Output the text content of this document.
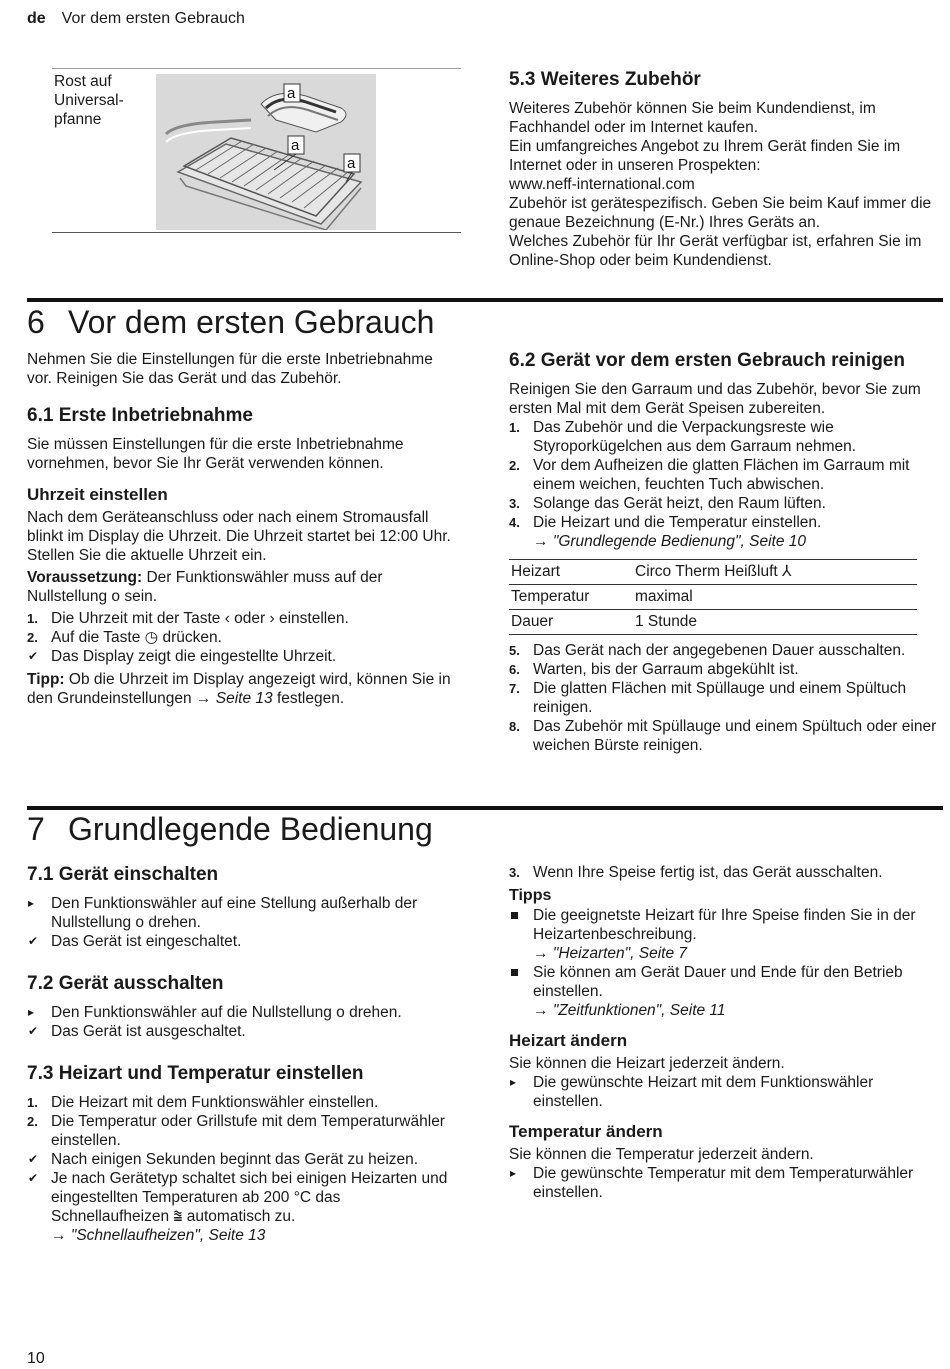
de Vor dem ersten Gebrauch
Rost auf Universal-pfanne
a
a
a
5.3 Weiteres Zubehör

Weiteres Zubehör können Sie beim Kundendienst, im Fachhandel oder im Internet kaufen.

Ein umfangreiches Angebot zu Ihrem Gerät finden Sie im Internet oder in unseren Prospekten:

www.neff-international.com

Zubehör ist gerätespezifisch. Geben Sie beim Kauf immer die genaue Bezeichnung (E-Nr.) Ihres Geräts an.

Welches Zubehör für Ihr Gerät verfügbar ist, erfahren Sie im Online-Shop oder beim Kundendienst.

6 Vor dem ersten Gebrauch

Nehmen Sie die Einstellungen für die erste Inbetriebnahme vor. Reinigen Sie das Gerät und das Zubehör.

6.1 Erste Inbetriebnahme

Sie müssen Einstellungen für die erste Inbetriebnahme vornehmen, bevor Sie Ihr Gerät verwenden können.

Uhrzeit einstellen

Nach dem Geräteanschluss oder nach einem Stromausfall blinkt im Display die Uhrzeit. Die Uhrzeit startet bei 12:00 Uhr. Stellen Sie die aktuelle Uhrzeit ein.

Voraussetzung: Der Funktionswähler muss auf der Nullstellung o sein.

1. Die Uhrzeit mit der Taste ‹ oder › einstellen.
2. Auf die Taste ◷ drücken.
✔ Das Display zeigt die eingestellte Uhrzeit.

Tipp: Ob die Uhrzeit im Display angezeigt wird, können Sie in den Grundeinstellungen → Seite 13 festlegen.

6.2 Gerät vor dem ersten Gebrauch reinigen

Reinigen Sie den Garraum und das Zubehör, bevor Sie zum ersten Mal mit dem Gerät Speisen zubereiten.

1. Das Zubehör und die Verpackungsreste wie Styroporkügelchen aus dem Garraum nehmen.
2. Vor dem Aufheizen die glatten Flächen im Garraum mit einem weichen, feuchten Tuch abwischen.
3. Solange das Gerät heizt, den Raum lüften.
4. Die Heizart und die Temperatur einstellen.
→ "Grundlegende Bedienung", Seite 10
Heizart	Circo Therm Heißluft ⅄
Temperatur	maximal
Dauer	1 Stunde
5. Das Gerät nach der angegebenen Dauer ausschalten.
6. Warten, bis der Garraum abgekühlt ist.
7. Die glatten Flächen mit Spüllauge und einem Spültuch reinigen.
8. Das Zubehör mit Spüllauge und einem Spültuch oder einer weichen Bürste reinigen.
7 Grundlegende Bedienung
7.1 Gerät einschalten
▸ Den Funktionswähler auf eine Stellung außerhalb der Nullstellung o drehen.
✔ Das Gerät ist eingeschaltet.
7.2 Gerät ausschalten
▸ Den Funktionswähler auf die Nullstellung o drehen.
✔ Das Gerät ist ausgeschaltet.
7.3 Heizart und Temperatur einstellen
1. Die Heizart mit dem Funktionswähler einstellen.
2. Die Temperatur oder Grillstufe mit dem Temperaturwähler einstellen.
✔ Nach einigen Sekunden beginnt das Gerät zu heizen.
✔ Je nach Gerätetyp schaltet sich bei einigen Heizarten und eingestellten Temperaturen ab 200 °C das Schnellaufheizen ⩰ automatisch zu.
→ "Schnellaufheizen", Seite 13
3. Wenn Ihre Speise fertig ist, das Gerät ausschalten.
Tipps
Die geeignetste Heizart für Ihre Speise finden Sie in der Heizartenbeschreibung.
→ "Heizarten", Seite 7
Sie können am Gerät Dauer und Ende für den Betrieb einstellen.
→ "Zeitfunktionen", Seite 11
Heizart ändern

Sie können die Heizart jederzeit ändern.

▸ Die gewünschte Heizart mit dem Funktionswähler einstellen.
Temperatur ändern

Sie können die Temperatur jederzeit ändern.

▸ Die gewünschte Temperatur mit dem Temperaturwähler einstellen.
10
